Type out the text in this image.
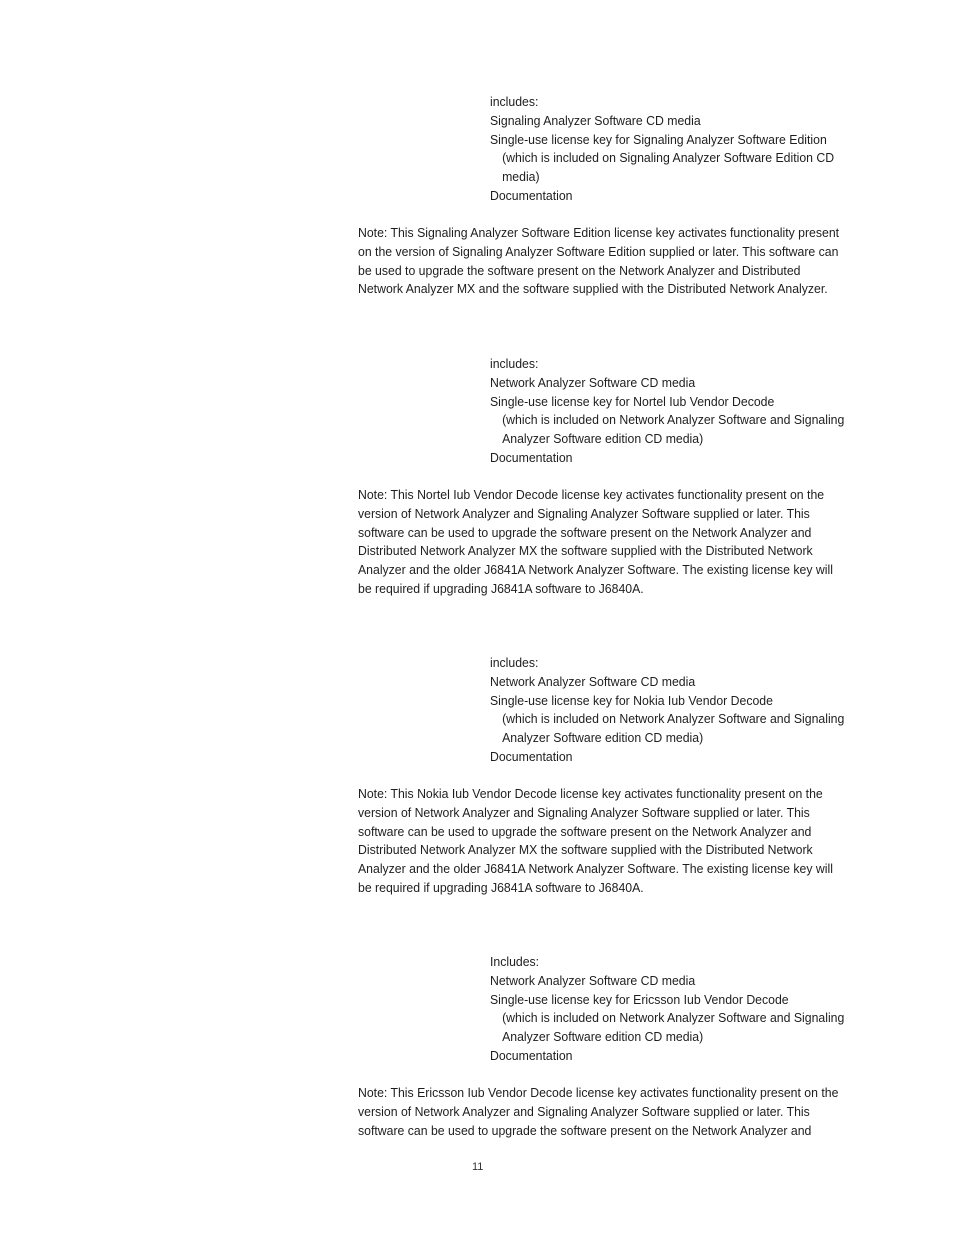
includes:
Signaling Analyzer Software CD media
Single-use license key for Signaling Analyzer Software Edition
(which is included on Signaling Analyzer Software Edition CD media)
Documentation
Note: This Signaling Analyzer Software Edition license key activates functionality present on the version of Signaling Analyzer Software Edition supplied or later. This software can be used to upgrade the software present on the Network Analyzer and Distributed Network Analyzer MX and the software supplied with the Distributed Network Analyzer.
includes:
Network Analyzer Software CD media
Single-use license key for Nortel Iub Vendor Decode
(which is included on Network Analyzer Software and Signaling Analyzer Software edition CD media)
Documentation
Note: This Nortel Iub Vendor Decode license key activates functionality present on the version of Network Analyzer and Signaling Analyzer Software supplied or later. This software can be used to upgrade the software present on the Network Analyzer and Distributed Network Analyzer MX the software supplied with the Distributed Network Analyzer and the older J6841A Network Analyzer Software. The existing license key will be required if upgrading J6841A software to J6840A.
includes:
Network Analyzer Software CD media
Single-use license key for Nokia Iub Vendor Decode
(which is included on Network Analyzer Software and Signaling Analyzer Software edition CD media)
Documentation
Note: This Nokia Iub Vendor Decode license key activates functionality present on the version of Network Analyzer and Signaling Analyzer Software supplied or later. This software can be used to upgrade the software present on the Network Analyzer and Distributed Network Analyzer MX the software supplied with the Distributed Network Analyzer and the older J6841A Network Analyzer Software. The existing license key will be required if upgrading J6841A software to J6840A.
Includes:
Network Analyzer Software CD media
Single-use license key for Ericsson Iub Vendor Decode
(which is included on Network Analyzer Software and Signaling Analyzer Software edition CD media)
Documentation
Note: This Ericsson Iub Vendor Decode license key activates functionality present on the version of Network Analyzer and Signaling Analyzer Software supplied or later. This software can be used to upgrade the software present on the Network Analyzer and
11
